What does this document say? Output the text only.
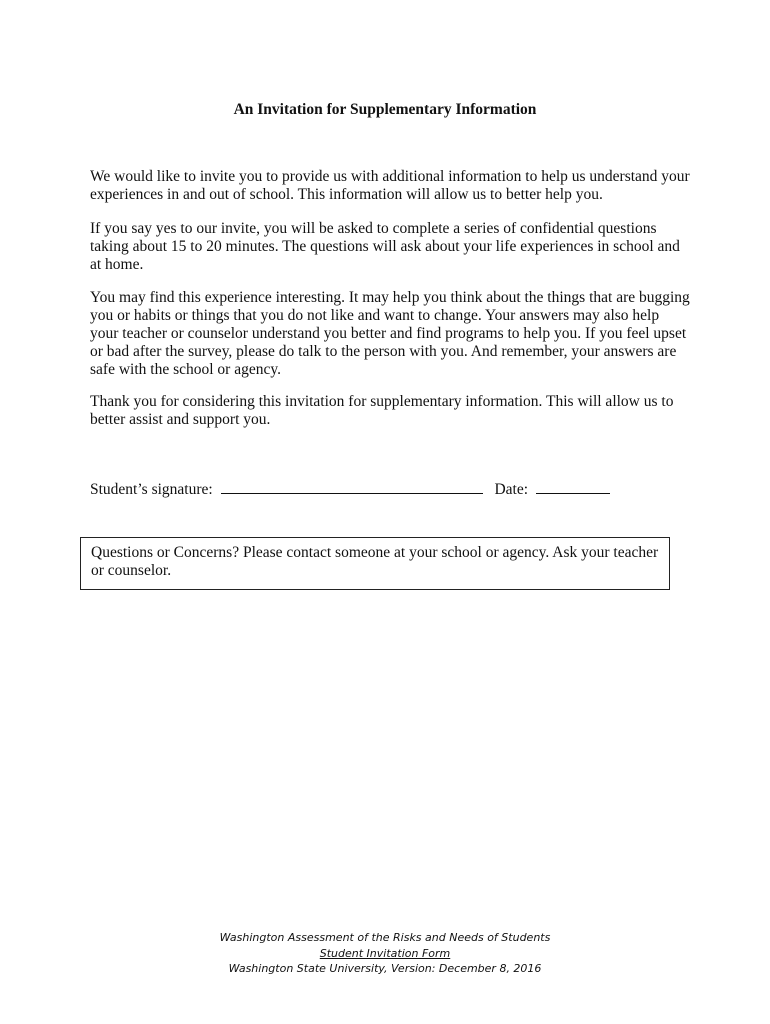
An Invitation for Supplementary Information

We would like to invite you to provide us with additional information to help us understand your experiences in and out of school. This information will allow us to better help you.

If you say yes to our invite, you will be asked to complete a series of confidential questions taking about 15 to 20 minutes. The questions will ask about your life experiences in school and at home.

You may find this experience interesting. It may help you think about the things that are bugging you or habits or things that you do not like and want to change. Your answers may also help your teacher or counselor understand you better and find programs to help you. If you feel upset or bad after the survey, please do talk to the person with you. And remember, your answers are safe with the school or agency.

Thank you for considering this invitation for supplementary information. This will allow us to better assist and support you.

Student’s signature:	Date:
Questions or Concerns? Please contact someone at your school or agency. Ask your teacher or counselor.
Washington Assessment of the Risks and Needs of Students
Student Invitation Form
Washington State University, Version: December 8, 2016
